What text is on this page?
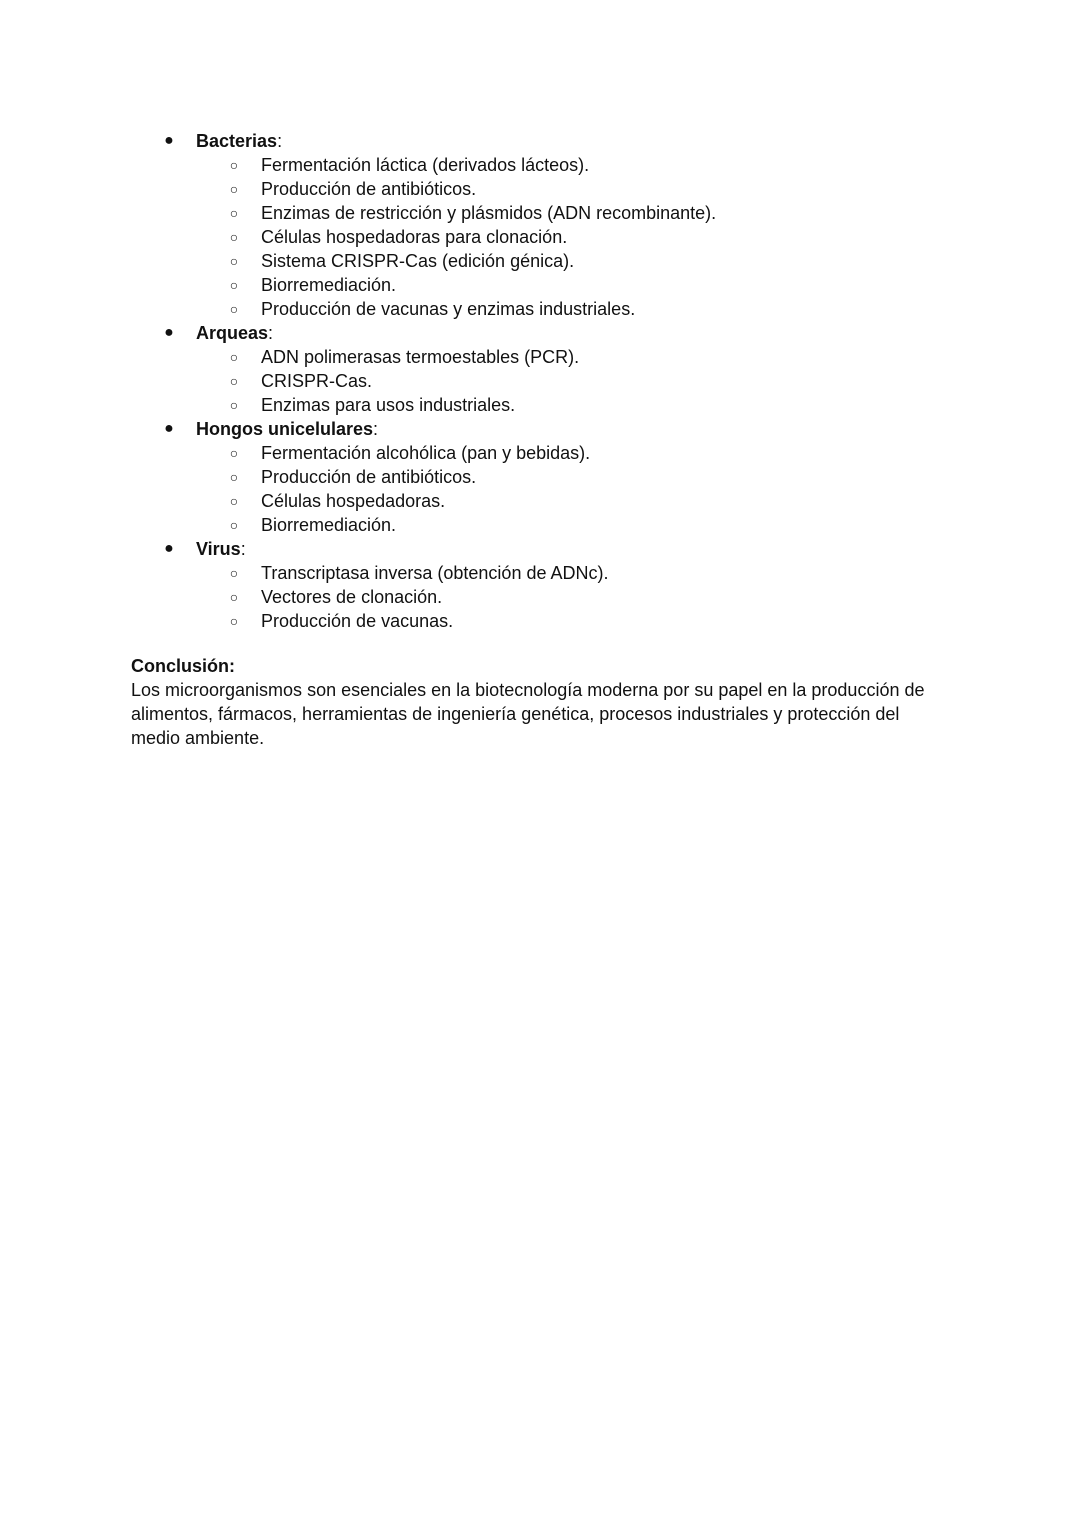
● Bacterias:
○ Fermentación láctica (derivados lácteos).
○ Producción de antibióticos.
○ Enzimas de restricción y plásmidos (ADN recombinante).
○ Células hospedadoras para clonación.
○ Sistema CRISPR-Cas (edición génica).
○ Biorremediación.
○ Producción de vacunas y enzimas industriales.
● Arqueas:
○ ADN polimerasas termoestables (PCR).
○ CRISPR-Cas.
○ Enzimas para usos industriales.
● Hongos unicelulares:
○ Fermentación alcohólica (pan y bebidas).
○ Producción de antibióticos.
○ Células hospedadoras.
○ Biorremediación.
● Virus:
○ Transcriptasa inversa (obtención de ADNc).
○ Vectores de clonación.
○ Producción de vacunas.

Conclusión:

Los microorganismos son esenciales en la biotecnología moderna por su papel en la producción de alimentos, fármacos, herramientas de ingeniería genética, procesos industriales y protección del medio ambiente.
